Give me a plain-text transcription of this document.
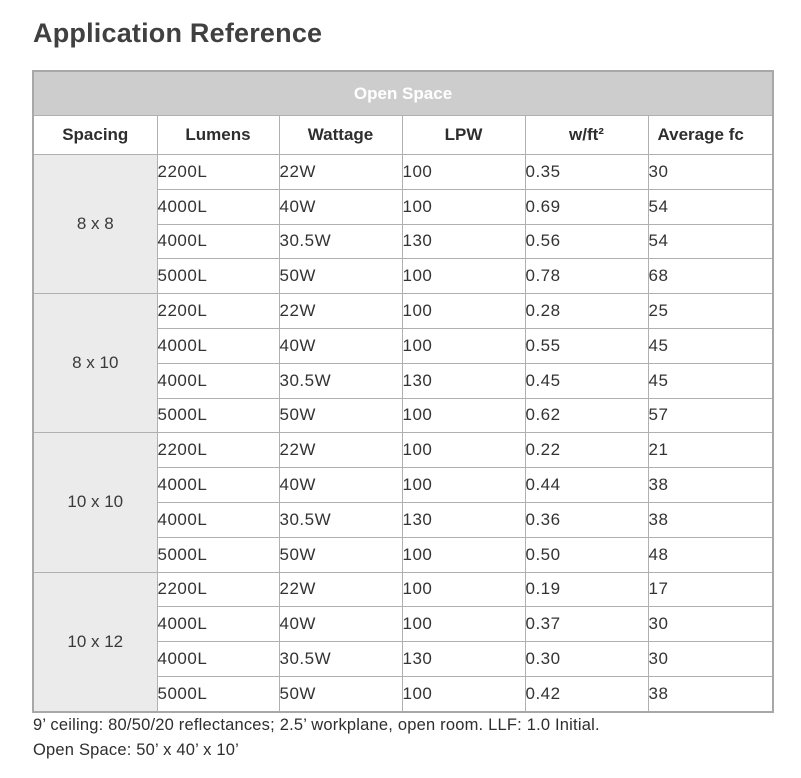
Application Reference
Open Space					
Spacing	Lumens	Wattage	LPW	w/ft²	Average fc
8 x 8	2200L	22W	100	0.35	30
	4000L	40W	100	0.69	54
	4000L	30.5W	130	0.56	54
	5000L	50W	100	0.78	68
8 x 10	2200L	22W	100	0.28	25
	4000L	40W	100	0.55	45
	4000L	30.5W	130	0.45	45
	5000L	50W	100	0.62	57
10 x 10	2200L	22W	100	0.22	21
	4000L	40W	100	0.44	38
	4000L	30.5W	130	0.36	38
	5000L	50W	100	0.50	48
10 x 12	2200L	22W	100	0.19	17
	4000L	40W	100	0.37	30
	4000L	30.5W	130	0.30	30
	5000L	50W	100	0.42	38
9’ ceiling: 80/50/20 reflectances; 2.5’ workplane, open room. LLF: 1.0 Initial.
Open Space: 50’ x 40’ x 10’
